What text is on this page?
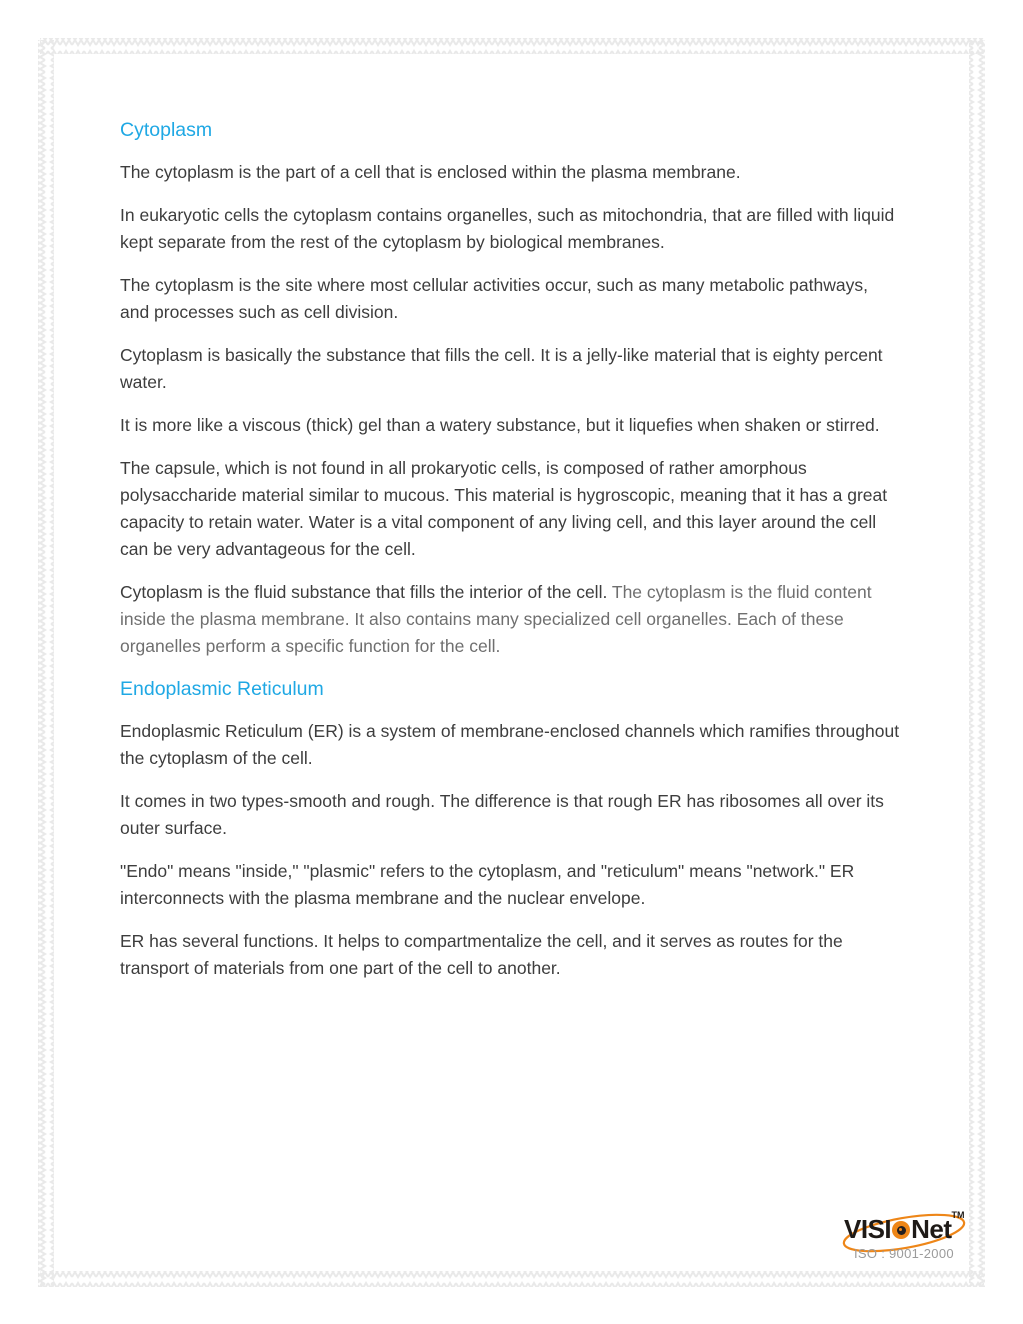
Cytoplasm

The cytoplasm is the part of a cell that is enclosed within the plasma membrane.

In eukaryotic cells the cytoplasm contains organelles, such as mitochondria, that are filled with liquid kept separate from the rest of the cytoplasm by biological membranes.

The cytoplasm is the site where most cellular activities occur, such as many metabolic pathways, and processes such as cell division.

Cytoplasm is basically the substance that fills the cell. It is a jelly-like material that is eighty percent water.

It is more like a viscous (thick) gel than a watery substance, but it liquefies when shaken or stirred.

The capsule, which is not found in all prokaryotic cells, is composed of rather amorphous polysaccharide material similar to mucous. This material is hygroscopic, meaning that it has a great capacity to retain water. Water is a vital component of any living cell, and this layer around the cell can be very advantageous for the cell.

Cytoplasm is the fluid substance that fills the interior of the cell. The cytoplasm is the fluid content inside the plasma membrane. It also contains many specialized cell organelles. Each of these organelles perform a specific function for the cell.

Endoplasmic Reticulum

Endoplasmic Reticulum (ER) is a system of membrane-enclosed channels which ramifies throughout the cytoplasm of the cell.

It comes in two types-smooth and rough. The difference is that rough ER has ribosomes all over its outer surface.

"Endo" means "inside," "plasmic" refers to the cytoplasm, and "reticulum" means "network." ER interconnects with the plasma membrane and the nuclear envelope.

ER has several functions. It helps to compartmentalize the cell, and it serves as routes for the transport of materials from one part of the cell to another.

VISI Net™
ISO : 9001-2000
